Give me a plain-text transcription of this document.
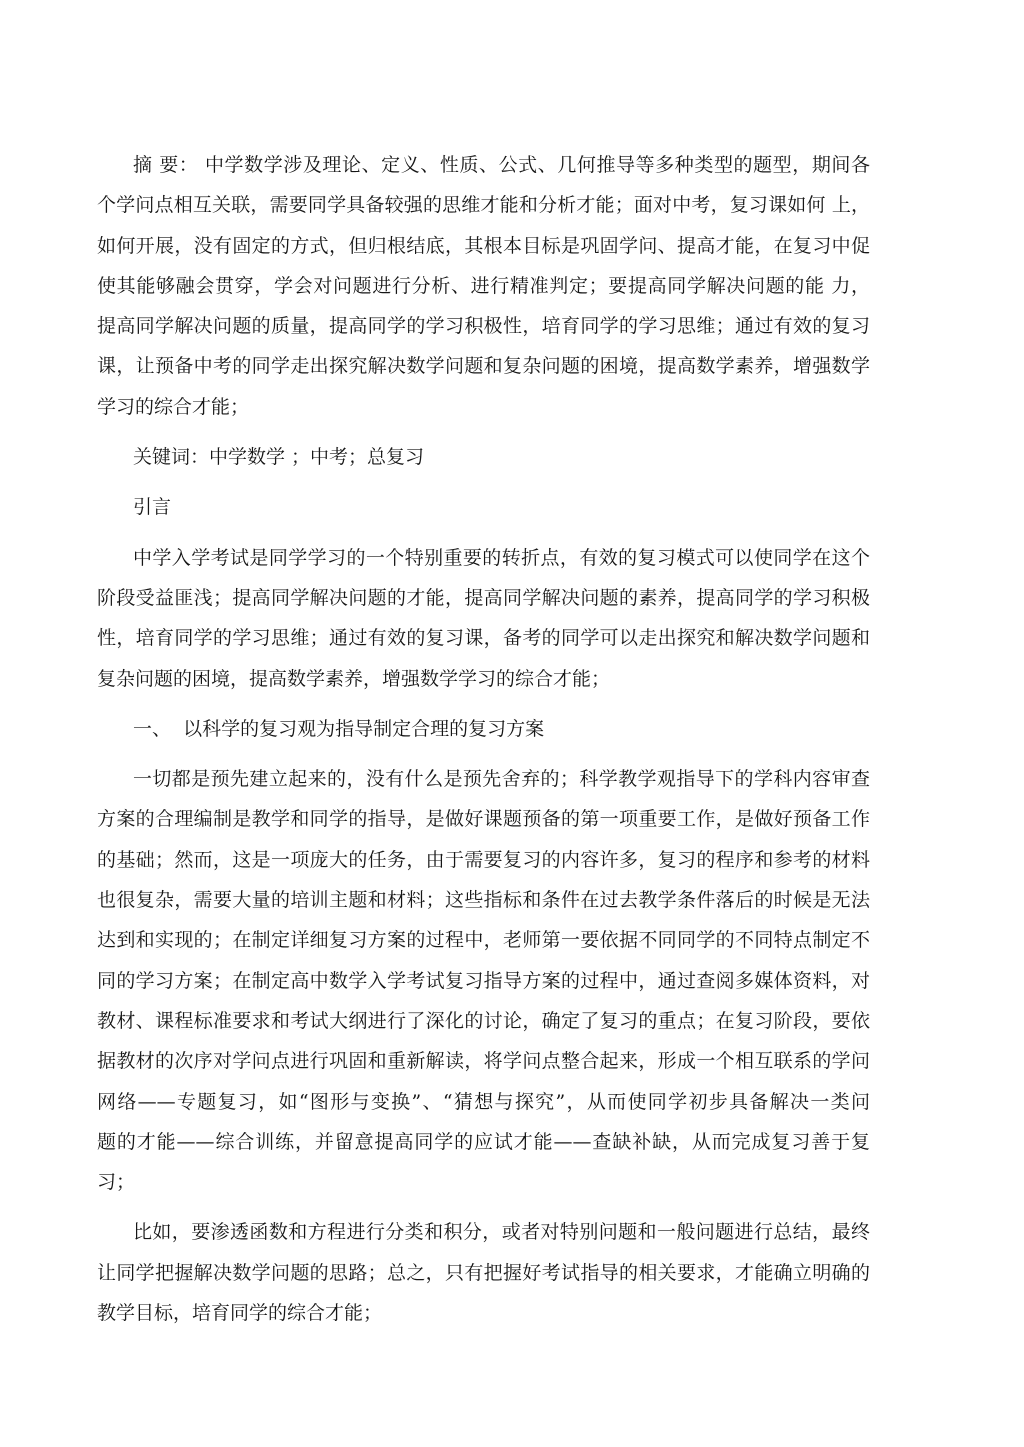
摘 要： 中学数学涉及理论、定义、性质、公式、几何推导等多种类型的题型，期间各
个学问点相互关联，需要同学具备较强的思维才能和分析才能；面对中考，复习课如何 上，
如何开展，没有固定的方式，但归根结底，其根本目标是巩固学问、提高才能，在复习中促
使其能够融会贯穿，学会对问题进行分析、进行精准判定；要提高同学解决问题的能 力，
提高同学解决问题的质量，提高同学的学习积极性，培育同学的学习思维；通过有效的复习
课，让预备中考的同学走出探究解决数学问题和复杂问题的困境，提高数学素养，增强数学
学习的综合才能；
关键词：中学数学 ；中考；总复习
引言
中学入学考试是同学学习的一个特别重要的转折点，有效的复习模式可以使同学在这个
阶段受益匪浅；提高同学解决问题的才能，提高同学解决问题的素养，提高同学的学习积极
性，培育同学的学习思维；通过有效的复习课，备考的同学可以走出探究和解决数学问题和
复杂问题的困境，提高数学素养，增强数学学习的综合才能；
一、  以科学的复习观为指导制定合理的复习方案
一切都是预先建立起来的，没有什么是预先舍弃的；科学教学观指导下的学科内容审查
方案的合理编制是教学和同学的指导，是做好课题预备的第一项重要工作，是做好预备工作
的基础；然而，这是一项庞大的任务，由于需要复习的内容许多，复习的程序和参考的材料
也很复杂，需要大量的培训主题和材料；这些指标和条件在过去教学条件落后的时候是无法
达到和实现的；在制定详细复习方案的过程中，老师第一要依据不同同学的不同特点制定不
同的学习方案；在制定高中数学入学考试复习指导方案的过程中，通过查阅多媒体资料，对
教材、课程标准要求和考试大纲进行了深化的讨论，确定了复习的重点；在复习阶段，要依
据教材的次序对学问点进行巩固和重新解读，将学问点整合起来，形成一个相互联系的学问
网络——专题复习，如“图形与变换”、“猜想与探究”，从而使同学初步具备解决一类问
题的才能——综合训练，并留意提高同学的应试才能——查缺补缺，从而完成复习善于复
习；
比如，要渗透函数和方程进行分类和积分，或者对特别问题和一般问题进行总结，最终
让同学把握解决数学问题的思路；总之，只有把握好考试指导的相关要求，才能确立明确的
教学目标，培育同学的综合才能；
